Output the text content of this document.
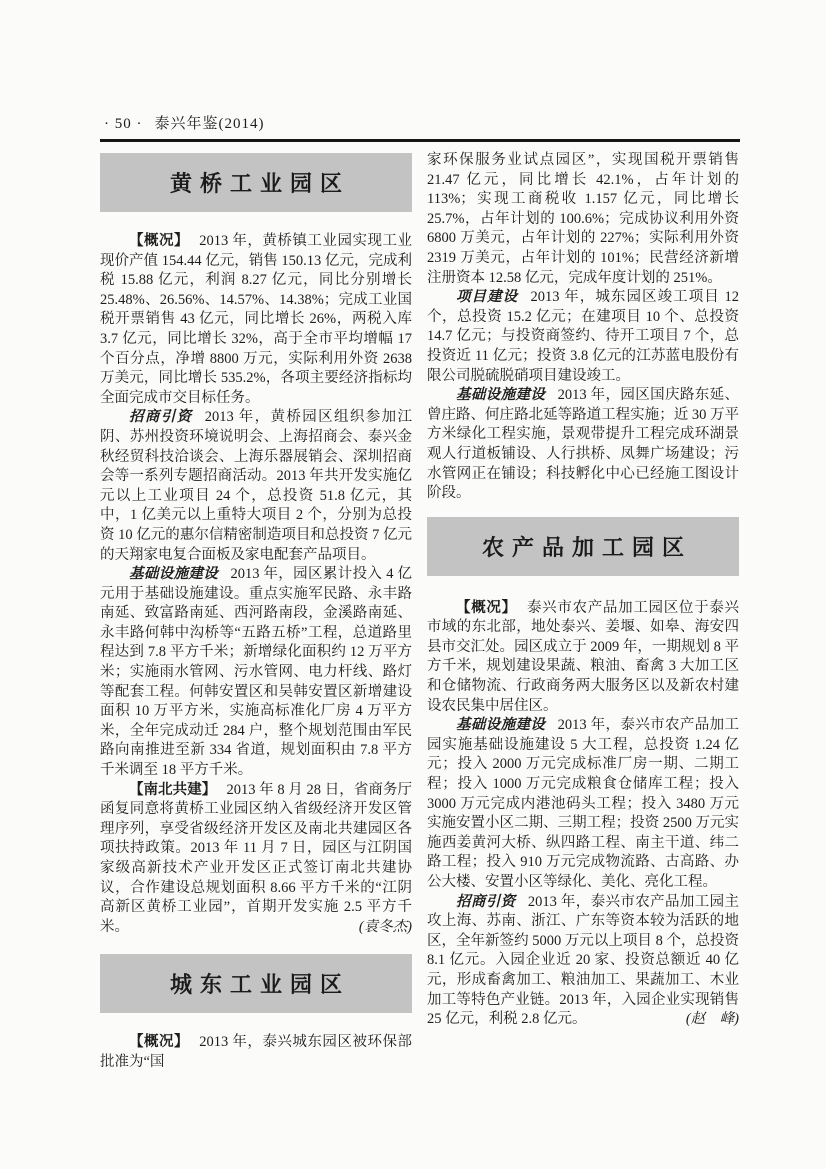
· 50 · 泰兴年鉴(2014)
黄桥工业园区

【概况】 2013 年，黄桥镇工业园实现工业现价产值 154.44 亿元，销售 150.13 亿元，完成利税 15.88 亿元，利润 8.27 亿元，同比分别增长 25.48%、26.56%、14.57%、14.38%；完成工业国税开票销售 43 亿元，同比增长 26%，两税入库 3.7 亿元，同比增长 32%，高于全市平均增幅 17 个百分点，净增 8800 万元，实际利用外资 2638 万美元，同比增长 535.2%，各项主要经济指标均全面完成市交目标任务。

招商引资 2013 年，黄桥园区组织参加江阴、苏州投资环境说明会、上海招商会、泰兴金秋经贸科技洽谈会、上海乐器展销会、深圳招商会等一系列专题招商活动。2013 年共开发实施亿元以上工业项目 24 个，总投资 51.8 亿元，其中，1 亿美元以上重特大项目 2 个，分别为总投资 10 亿元的惠尔信精密制造项目和总投资 7 亿元的天翔家电复合面板及家电配套产品项目。

基础设施建设 2013 年，园区累计投入 4 亿元用于基础设施建设。重点实施军民路、永丰路南延、致富路南延、西河路南段，金溪路南延、永丰路何韩中沟桥等“五路五桥”工程，总道路里程达到 7.8 平方千米；新增绿化面积约 12 万平方米；实施雨水管网、污水管网、电力杆线、路灯等配套工程。何韩安置区和吴韩安置区新增建设面积 10 万平方米，实施高标准化厂房 4 万平方米，全年完成动迁 284 户，整个规划范围由军民路向南推进至新 334 省道，规划面积由 7.8 平方千米调至 18 平方千米。

【南北共建】 2013 年 8 月 28 日，省商务厅函复同意将黄桥工业园区纳入省级经济开发区管理序列，享受省级经济开发区及南北共建园区各项扶持政策。2013 年 11 月 7 日，园区与江阴国家级高新技术产业开发区正式签订南北共建协议，合作建设总规划面积 8.66 平方千米的“江阴高新区黄桥工业园”，首期开发实施 2.5 平方千米。	(袁冬杰)

城东工业园区

【概况】 2013 年，泰兴城东园区被环保部批准为“国

家环保服务业试点园区”，实现国税开票销售 21.47 亿元，同比增长 42.1%，占年计划的 113%；实现工商税收 1.157 亿元，同比增长 25.7%，占年计划的 100.6%；完成协议利用外资 6800 万美元，占年计划的 227%；实际利用外资 2319 万美元，占年计划的 101%；民营经济新增注册资本 12.58 亿元，完成年度计划的 251%。

项目建设 2013 年，城东园区竣工项目 12 个，总投资 15.2 亿元；在建项目 10 个、总投资 14.7 亿元；与投资商签约、待开工项目 7 个，总投资近 11 亿元；投资 3.8 亿元的江苏蓝电股份有限公司脱硫脱硝项目建设竣工。

基础设施建设 2013 年，园区国庆路东延、曾庄路、何庄路北延等路道工程实施；近 30 万平方米绿化工程实施，景观带提升工程完成环湖景观人行道板铺设、人行拱桥、凤舞广场建设；污水管网正在铺设；科技孵化中心已经施工图设计阶段。

农产品加工园区

【概况】 泰兴市农产品加工园区位于泰兴市域的东北部，地处泰兴、姜堰、如皋、海安四县市交汇处。园区成立于 2009 年，一期规划 8 平方千米，规划建设果蔬、粮油、畜禽 3 大加工区和仓储物流、行政商务两大服务区以及新农村建设农民集中居住区。

基础设施建设 2013 年，泰兴市农产品加工园实施基础设施建设 5 大工程，总投资 1.24 亿元；投入 2000 万元完成标准厂房一期、二期工程；投入 1000 万元完成粮食仓储库工程；投入 3000 万元完成内港池码头工程；投入 3480 万元实施安置小区二期、三期工程；投资 2500 万元实施西姜黄河大桥、纵四路工程、南主干道、纬二路工程；投入 910 万元完成物流路、古高路、办公大楼、安置小区等绿化、美化、亮化工程。

招商引资 2013 年，泰兴市农产品加工园主攻上海、苏南、浙江、广东等资本较为活跃的地区，全年新签约 5000 万元以上项目 8 个，总投资 8.1 亿元。入园企业近 20 家、投资总额近 40 亿元，形成畜禽加工、粮油加工、果蔬加工、木业加工等特色产业链。2013 年，入园企业实现销售 25 亿元，利税 2.8 亿元。	(赵　峰)
